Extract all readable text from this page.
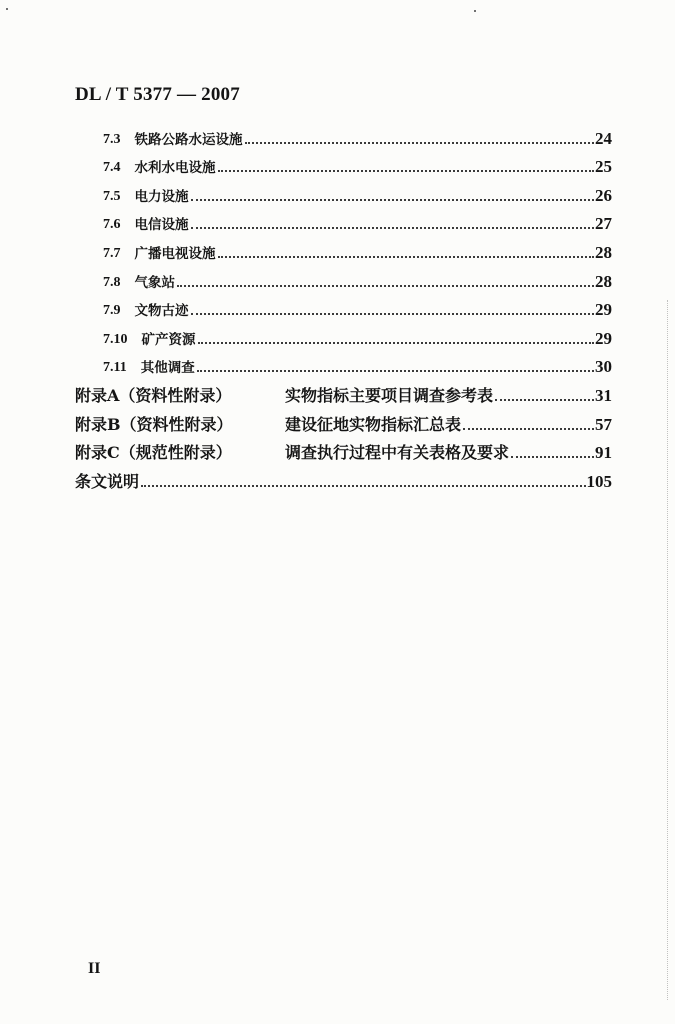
DL / T 5377 — 2007
7.3 铁路公路水运设施	24
7.4 水利水电设施	25
7.5 电力设施	26
7.6 电信设施	27
7.7 广播电视设施	28
7.8 气象站	28
7.9 文物古迹	29
7.10 矿产资源	29
7.11 其他调查	30
附录A（资料性附录）	实物指标主要项目调查参考表	31
附录B（资料性附录）	建设征地实物指标汇总表	57
附录C（规范性附录）	调查执行过程中有关表格及要求	91
条文说明	105
II
